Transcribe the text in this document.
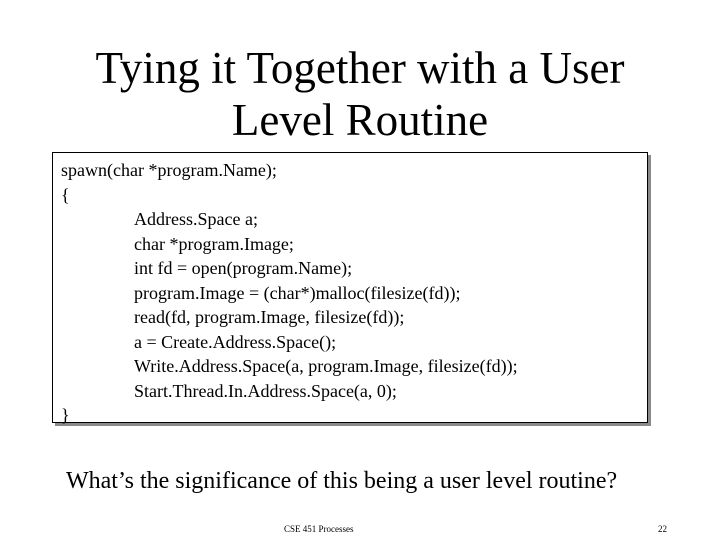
Tying it Together with a User
Level Routine
spawn(char *program.Name);
{
Address.Space a;
char *program.Image;
int fd = open(program.Name);
program.Image = (char*)malloc(filesize(fd));
read(fd, program.Image, filesize(fd));
a = Create.Address.Space();
Write.Address.Space(a, program.Image, filesize(fd));
Start.Thread.In.Address.Space(a, 0);
}
What’s the significance of this being a user level routine?
CSE 451 Processes	22
